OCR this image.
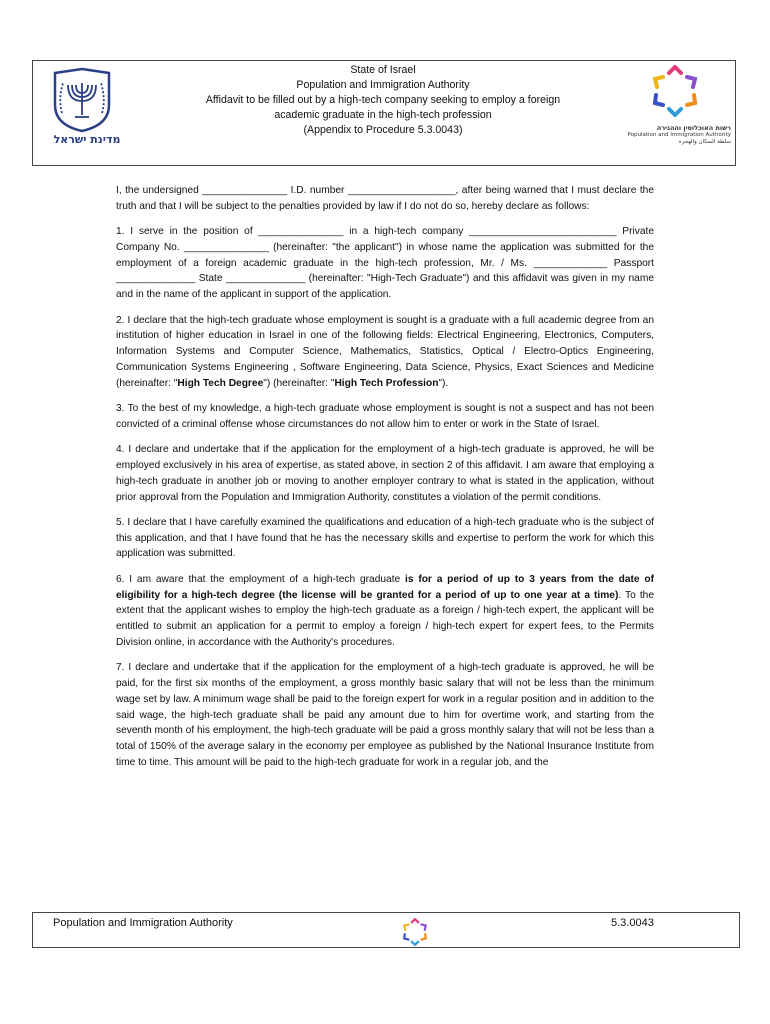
מדינת ישראל
State of Israel
Population and Immigration Authority
Affidavit to be filled out by a high-tech company seeking to employ a foreign
academic graduate in the high-tech profession
(Appendix to Procedure 5.3.0043)	רשות האוכלוסין וההגירה
Population and Immigration Authority
سلطة السكان والهجرة

I, the undersigned _______________ I.D. number ___________________, after being warned that I must declare the truth and that I will be subject to the penalties provided by law if I do not do so, hereby declare as follows:

1. I serve in the position of _______________ in a high-tech company __________________________ Private Company No. _______________ (hereinafter: "the applicant") in whose name the application was submitted for the employment of a foreign academic graduate in the high-tech profession, Mr. / Ms. _____________ Passport ______________ State ______________ (hereinafter: "High-Tech Graduate") and this affidavit was given in my name and in the name of the applicant in support of the application.

2. I declare that the high-tech graduate whose employment is sought is a graduate with a full academic degree from an institution of higher education in Israel in one of the following fields: Electrical Engineering, Electronics, Computers, Information Systems and Computer Science, Mathematics, Statistics, Optical / Electro-Optics Engineering, Communication Systems Engineering , Software Engineering, Data Science, Physics, Exact Sciences and Medicine (hereinafter: "High Tech Degree") (hereinafter: "High Tech Profession").

3. To the best of my knowledge, a high-tech graduate whose employment is sought is not a suspect and has not been convicted of a criminal offense whose circumstances do not allow him to enter or work in the State of Israel.

4. I declare and undertake that if the application for the employment of a high-tech graduate is approved, he will be employed exclusively in his area of expertise, as stated above, in section 2 of this affidavit. I am aware that employing a high-tech graduate in another job or moving to another employer contrary to what is stated in the application, without prior approval from the Population and Immigration Authority, constitutes a violation of the permit conditions.

5. I declare that I have carefully examined the qualifications and education of a high-tech graduate who is the subject of this application, and that I have found that he has the necessary skills and expertise to perform the work for which this application was submitted.

6. I am aware that the employment of a high-tech graduate is for a period of up to 3 years from the date of eligibility for a high-tech degree (the license will be granted for a period of up to one year at a time). To the extent that the applicant wishes to employ the high-tech graduate as a foreign / high-tech expert, the applicant will be entitled to submit an application for a permit to employ a foreign / high-tech expert for expert fees, to the Permits Division online, in accordance with the Authority's procedures.

7. I declare and undertake that if the application for the employment of a high-tech graduate is approved, he will be paid, for the first six months of the employment, a gross monthly basic salary that will not be less than the minimum wage set by law. A minimum wage shall be paid to the foreign expert for work in a regular position and in addition to the said wage, the high-tech graduate shall be paid any amount due to him for overtime work, and starting from the seventh month of his employment, the high-tech graduate will be paid a gross monthly salary that will not be less than a total of 150% of the average salary in the economy per employee as published by the National Insurance Institute from time to time. This amount will be paid to the high-tech graduate for work in a regular job, and the

Population and Immigration Authority	5.3.0043
